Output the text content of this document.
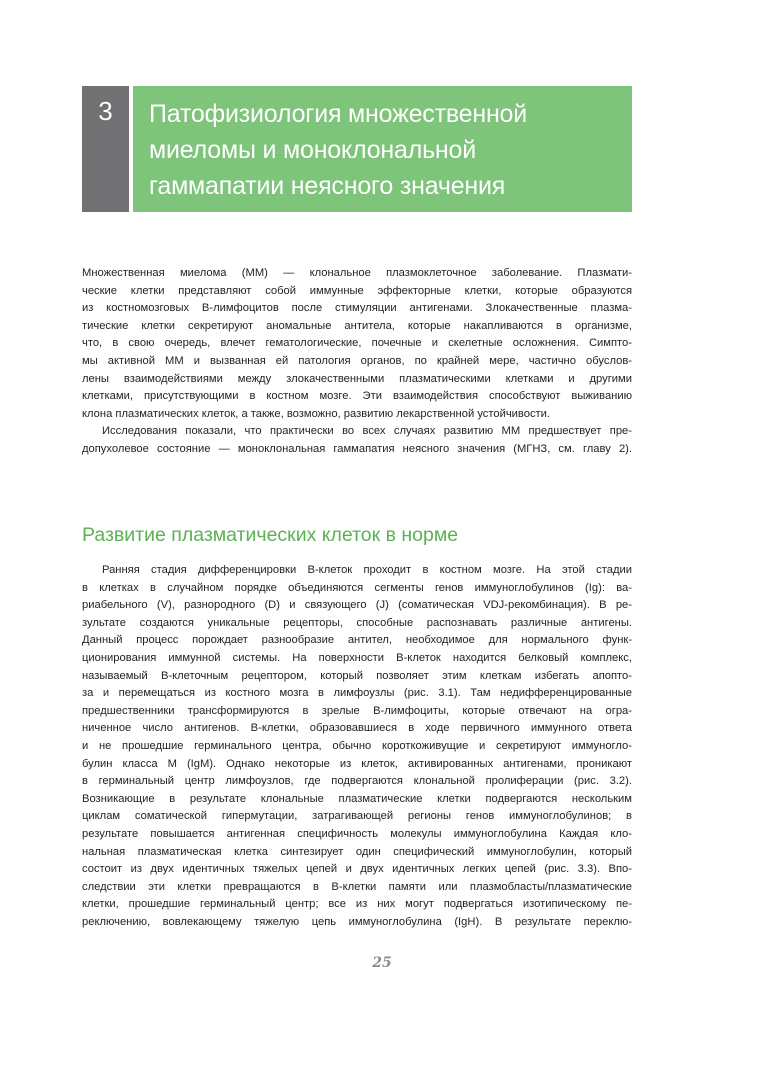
3	Патофизиология множественной
миеломы и моноклональной
гаммапатии неясного значения

Множественная миелома (ММ) — клональное плазмоклеточное заболевание. Плазмати-
ческие клетки представляют собой иммунные эффекторные клетки, которые образуются
из костномозговых В-лимфоцитов после стимуляции антигенами. Злокачественные плазма-
тические клетки секретируют аномальные антитела, которые накапливаются в организме,
что, в свою очередь, влечет гематологические, почечные и скелетные осложнения. Симпто-
мы активной ММ и вызванная ей патология органов, по крайней мере, частично обуслов-
лены взаимодействиями между злокачественными плазматическими клетками и другими
клетками, присутствующими в костном мозге. Эти взаимодействия способствуют выживанию
клона плазматических клеток, а также, возможно, развитию лекарственной устойчивости.

Исследования показали, что практически во всех случаях развитию ММ предшествует пре-
допухолевое состояние — моноклональная гаммапатия неясного значения (МГНЗ, см. главу 2).

Развитие плазматических клеток в норме

Ранняя стадия дифференцировки В-клеток проходит в костном мозге. На этой стадии
в клетках в случайном порядке объединяются сегменты генов иммуноглобулинов (Ig): ва-
риабельного (V), разнородного (D) и связующего (J) (соматическая VDJ-рекомбинация). В ре-
зультате создаются уникальные рецепторы, способные распознавать различные антигены.
Данный процесс порождает разнообразие антител, необходимое для нормального функ-
ционирования иммунной системы. На поверхности В-клеток находится белковый комплекс,
называемый В-клеточным рецептором, который позволяет этим клеткам избегать апопто-
за и перемещаться из костного мозга в лимфоузлы (рис. 3.1). Там недифференцированные
предшественники трансформируются в зрелые В-лимфоциты, которые отвечают на огра-
ниченное число антигенов. В-клетки, образовавшиеся в ходе первичного иммунного ответа
и не прошедшие герминального центра, обычно короткоживущие и секретируют иммуногло-
булин класса М (IgM). Однако некоторые из клеток, активированных антигенами, проникают
в герминальный центр лимфоузлов, где подвергаются клональной пролиферации (рис. 3.2).
Возникающие в результате клональные плазматические клетки подвергаются нескольким
циклам соматической гипермутации, затрагивающей регионы генов иммуноглобулинов; в
результате повышается антигенная специфичность молекулы иммуноглобулина Каждая кло-
нальная плазматическая клетка синтезирует один специфический иммуноглобулин, который
состоит из двух идентичных тяжелых цепей и двух идентичных легких цепей (рис. 3.3). Впо-
следствии эти клетки превращаются в В-клетки памяти или плазмобласты/плазматические
клетки, прошедшие герминальный центр; все из них могут подвергаться изотипическому пе-
реключению, вовлекающему тяжелую цепь иммуноглобулина (IgH). В результате переклю-

25
